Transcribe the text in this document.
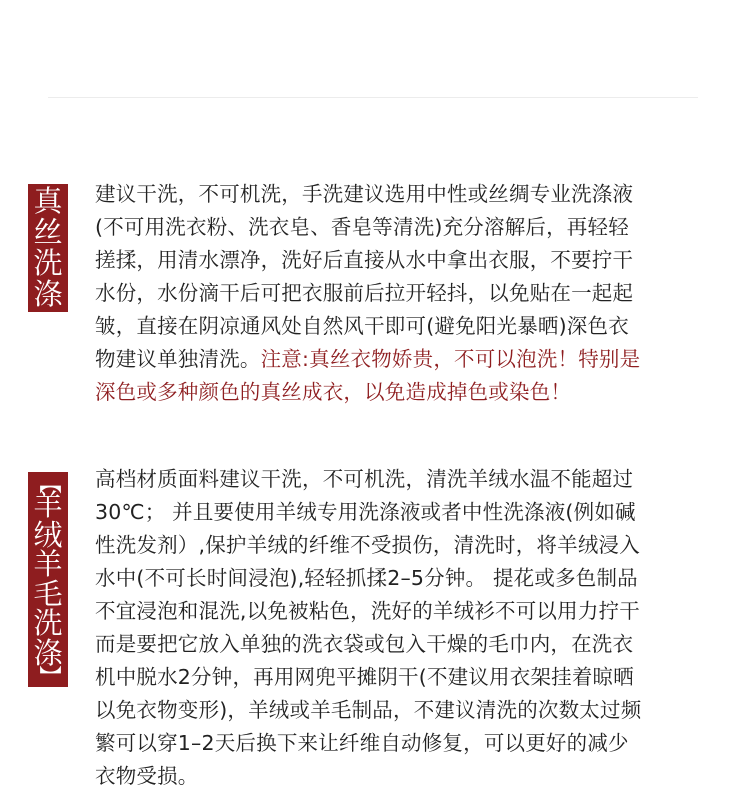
真
丝
洗
涤
建议干洗，不可机洗，手洗建议选用中性或丝绸专业洗涤液
(不可用洗衣粉、洗衣皂、香皂等清洗)充分溶解后，再轻轻
搓揉，用清水漂净，洗好后直接从水中拿出衣服，不要拧干
水份，水份滴干后可把衣服前后拉开轻抖，以免贴在一起起
皱，直接在阴凉通风处自然风干即可(避免阳光暴晒)深色衣
物建议单独清洗。注意:真丝衣物娇贵，不可以泡洗！特别是
深色或多种颜色的真丝成衣，以免造成掉色或染色！
【
羊
绒
羊
毛
洗
涤
】
高档材质面料建议干洗，不可机洗，清洗羊绒水温不能超过
30℃； 并且要使用羊绒专用洗涤液或者中性洗涤液(例如碱
性洗发剂）,保护羊绒的纤维不受损伤，清洗时，将羊绒浸入
水中(不可长时间浸泡),轻轻抓揉2–5分钟。 提花或多色制品
不宜浸泡和混洗,以免被粘色，洗好的羊绒衫不可以用力拧干
而是要把它放入单独的洗衣袋或包入干燥的毛巾内，在洗衣
机中脱水2分钟，再用网兜平摊阴干(不建议用衣架挂着晾晒
以免衣物变形)，羊绒或羊毛制品，不建议清洗的次数太过频
繁可以穿1–2天后换下来让纤维自动修复，可以更好的减少
衣物受损。
